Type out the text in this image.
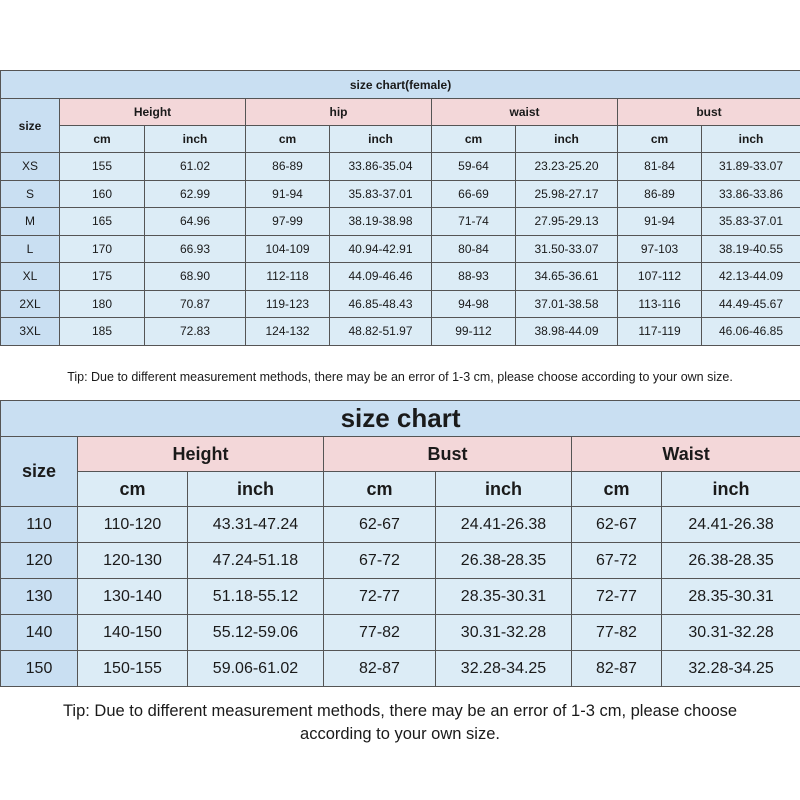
size chart(female)								
size	Height		hip		waist		bust	
	cm	inch	cm	inch	cm	inch	cm	inch
XS	155	61.02	86-89	33.86-35.04	59-64	23.23-25.20	81-84	31.89-33.07
S	160	62.99	91-94	35.83-37.01	66-69	25.98-27.17	86-89	33.86-33.86
M	165	64.96	97-99	38.19-38.98	71-74	27.95-29.13	91-94	35.83-37.01
L	170	66.93	104-109	40.94-42.91	80-84	31.50-33.07	97-103	38.19-40.55
XL	175	68.90	112-118	44.09-46.46	88-93	34.65-36.61	107-112	42.13-44.09
2XL	180	70.87	119-123	46.85-48.43	94-98	37.01-38.58	113-116	44.49-45.67
3XL	185	72.83	124-132	48.82-51.97	99-112	38.98-44.09	117-119	46.06-46.85
Tip: Due to different measurement methods, there may be an error of 1-3 cm, please choose according to your own size.
size chart						
size	Height		Bust		Waist	
	cm	inch	cm	inch	cm	inch
110	110-120	43.31-47.24	62-67	24.41-26.38	62-67	24.41-26.38
120	120-130	47.24-51.18	67-72	26.38-28.35	67-72	26.38-28.35
130	130-140	51.18-55.12	72-77	28.35-30.31	72-77	28.35-30.31
140	140-150	55.12-59.06	77-82	30.31-32.28	77-82	30.31-32.28
150	150-155	59.06-61.02	82-87	32.28-34.25	82-87	32.28-34.25
Tip: Due to different measurement methods, there may be an error of 1-3 cm, please choose
according to your own size.
